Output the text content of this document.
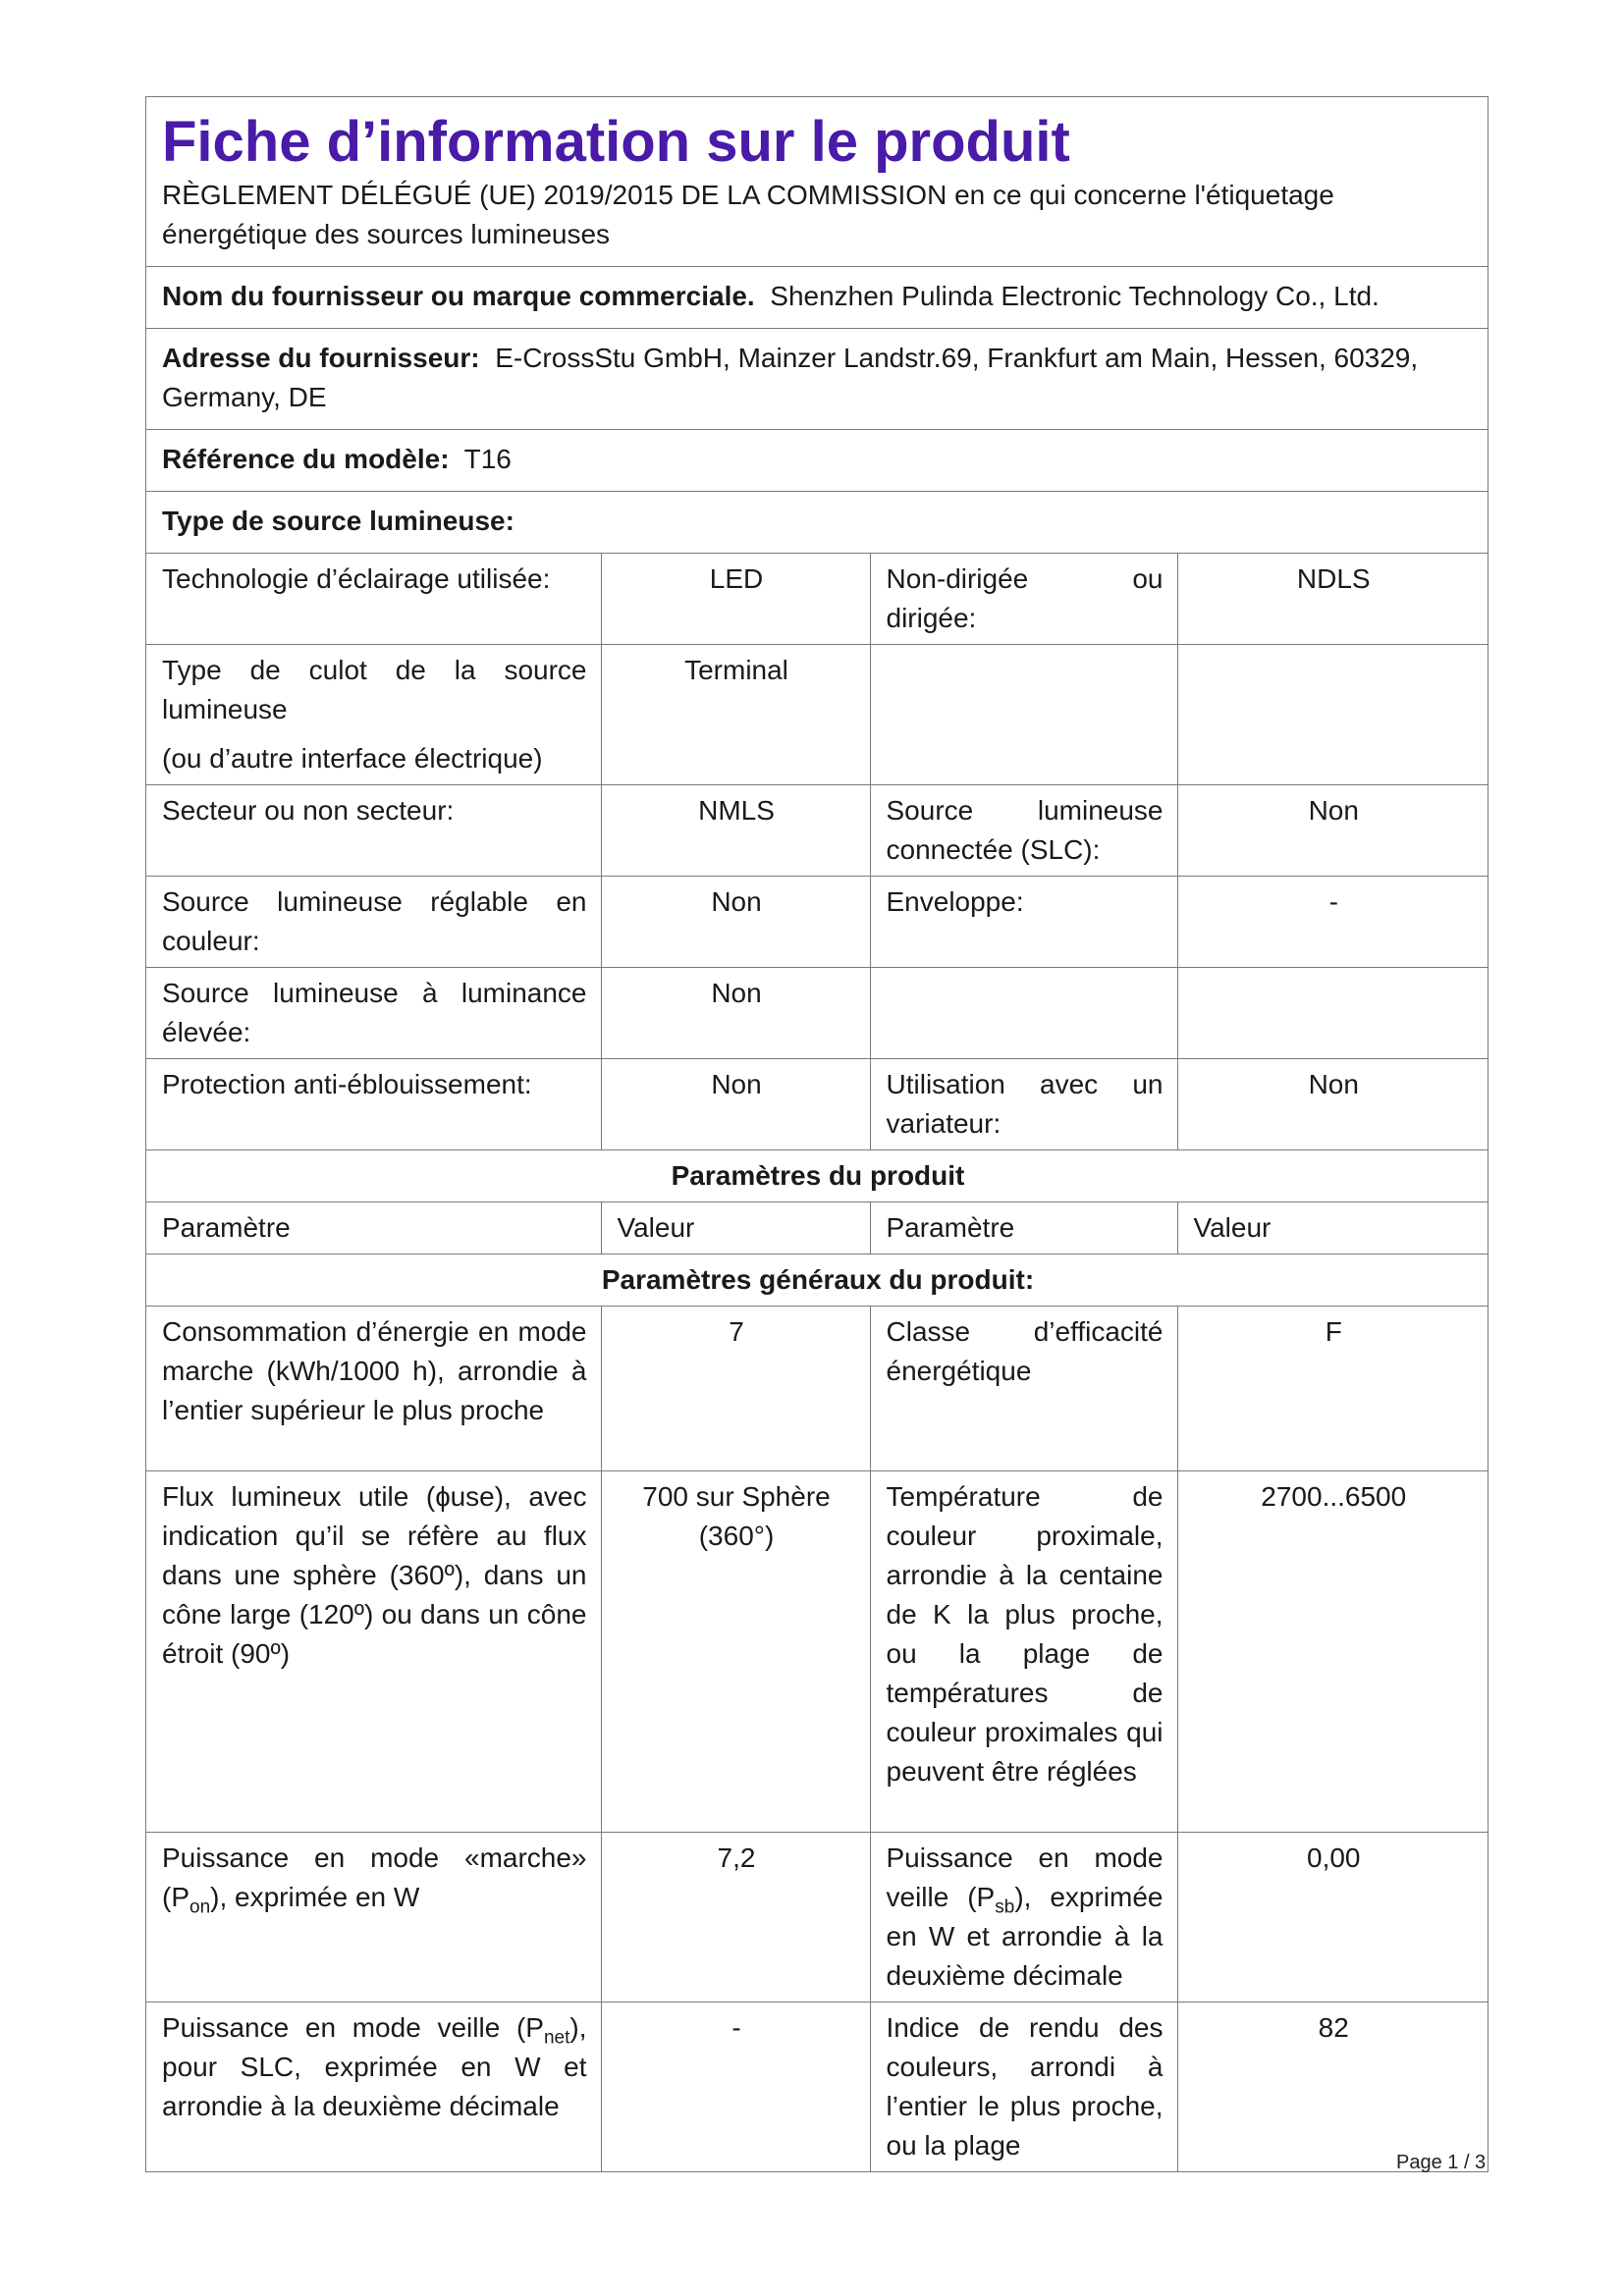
Fiche d’information sur le produit
RÈGLEMENT DÉLÉGUÉ (UE) 2019/2015 DE LA COMMISSION en ce qui concerne l'étiquetage énergétique des sources lumineuses
Nom du fournisseur ou marque commerciale. Shenzhen Pulinda Electronic Technology Co., Ltd.
Adresse du fournisseur: E-CrossStu GmbH, Mainzer Landstr.69, Frankfurt am Main, Hessen, 60329, Germany, DE
Référence du modèle: T16
Type de source lumineuse:
Technologie d’éclairage utilisée:	LED	Non-dirigée ou dirigée:	NDLS

Type de culot de la source lumineuse
(ou d’autre interface électrique)	Terminal		
Secteur ou non secteur:	NMLS	Source lumineuse connectée (SLC):	Non
Source lumineuse réglable en couleur:	Non	Enveloppe:	-
Source lumineuse à luminance élevée:	Non		
Protection anti-éblouissement:	Non	Utilisation avec un variateur:	Non
Paramètres du produit			
Paramètre	Valeur	Paramètre	Valeur
Paramètres généraux du produit:			
Consommation d’énergie en mode marche (kWh/1000 h), arrondie à l’entier supérieur le plus proche	7	Classe d’efficacité énergétique	F
Flux lumineux utile (ɸuse), avec indication qu’il se réfère au flux dans une sphère (360º), dans un cône large (120º) ou dans un cône étroit (90º)	700 sur Sphère (360°)	Température de couleur proximale, arrondie à la centaine de K la plus proche, ou la plage de températures de couleur proximales qui peuvent être réglées	2700...6500
Puissance en mode «marche» $(P_{on})$, exprimée en W	7,2	Puissance en mode veille $(P_{sb})$, exprimée en W et arrondie à la deuxième décimale	0,00
Puissance en mode veille $(P_{net})$, pour SLC, exprimée en W et arrondie à la deuxième décimale	-	Indice de rendu des couleurs, arrondi à l’entier le plus proche, ou la plage	82
Page 1 / 3
